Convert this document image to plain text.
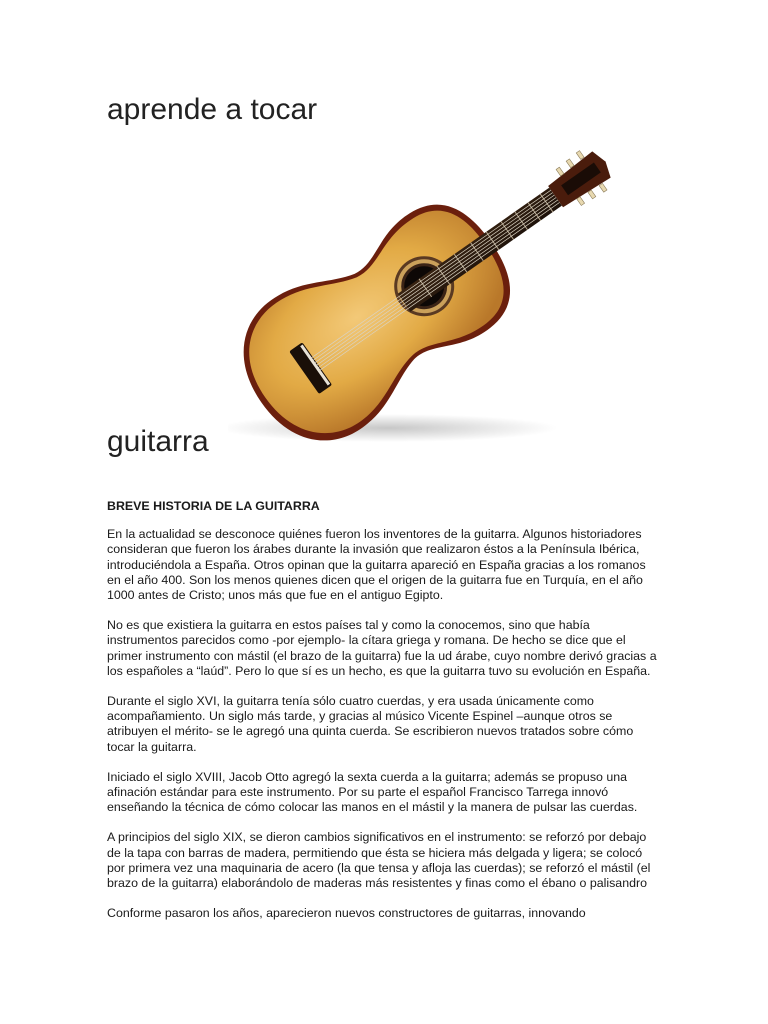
aprende a tocar
guitarra

BREVE HISTORIA DE LA GUITARRA

En la actualidad se desconoce quiénes fueron los inventores de la guitarra. Algunos historiadores consideran que fueron los árabes durante la invasión que realizaron éstos a la Península Ibérica, introduciéndola a España. Otros opinan que la guitarra apareció en España gracias a los romanos en el año 400. Son los menos quienes dicen que el origen de la guitarra fue en Turquía, en el año 1000 antes de Cristo; unos más que fue en el antiguo Egipto.

No es que existiera la guitarra en estos países tal y como la conocemos, sino que había instrumentos parecidos como -por ejemplo- la cítara griega y romana. De hecho se dice que el primer instrumento con mástil (el brazo de la guitarra) fue la ud árabe, cuyo nombre derivó gracias a los españoles a “laúd”. Pero lo que sí es un hecho, es que la guitarra tuvo su evolución en España.

Durante el siglo XVI, la guitarra tenía sólo cuatro cuerdas, y era usada únicamente como acompañamiento. Un siglo más tarde, y gracias al músico Vicente Espinel –aunque otros se atribuyen el mérito- se le agregó una quinta cuerda. Se escribieron nuevos tratados sobre cómo tocar la guitarra.

Iniciado el siglo XVIII, Jacob Otto agregó la sexta cuerda a la guitarra; además se propuso una afinación estándar para este instrumento. Por su parte el español Francisco Tarrega innovó enseñando la técnica de cómo colocar las manos en el mástil y la manera de pulsar las cuerdas.

A principios del siglo XIX, se dieron cambios significativos en el instrumento: se reforzó por debajo de la tapa con barras de madera, permitiendo que ésta se hiciera más delgada y ligera; se colocó por primera vez una maquinaria de acero (la que tensa y afloja las cuerdas); se reforzó el mástil (el brazo de la guitarra) elaborándolo de maderas más resistentes y finas como el ébano o palisandro

Conforme pasaron los años, aparecieron nuevos constructores de guitarras, innovando
